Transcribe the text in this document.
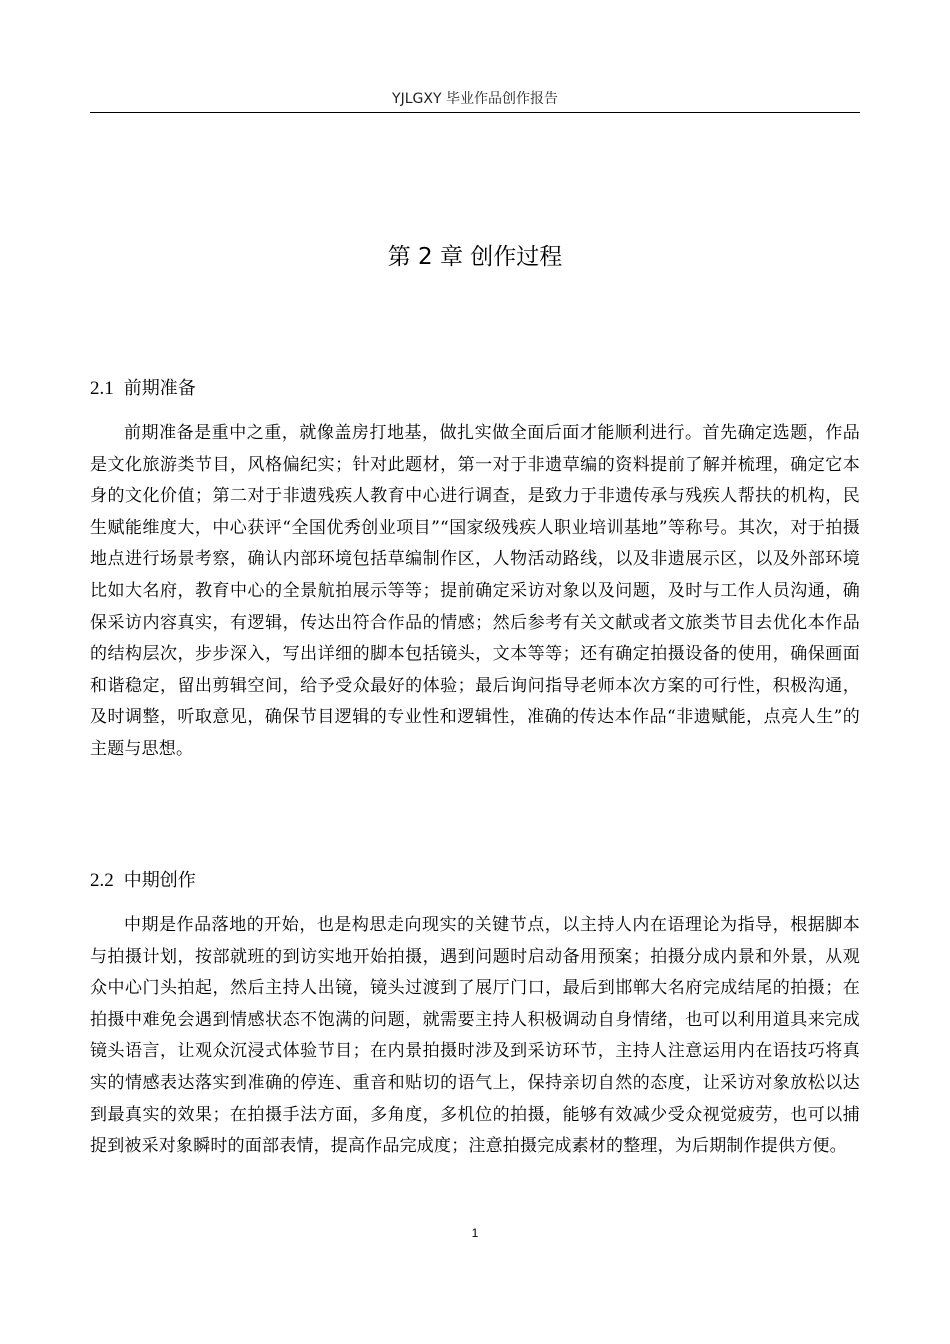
YJLGXY 毕业作品创作报告
第 2 章 创作过程
2.1 前期准备

前期准备是重中之重，就像盖房打地基，做扎实做全面后面才能顺利进行。首先确定选题，作品是文化旅游类节目，风格偏纪实；针对此题材，第一对于非遗草编的资料提前了解并梳理，确定它本身的文化价值；第二对于非遗残疾人教育中心进行调查，是致力于非遗传承与残疾人帮扶的机构，民生赋能维度大，中心获评“全国优秀创业项目”“国家级残疾人职业培训基地”等称号。其次，对于拍摄地点进行场景考察，确认内部环境包括草编制作区，人物活动路线，以及非遗展示区，以及外部环境比如大名府，教育中心的全景航拍展示等等；提前确定采访对象以及问题，及时与工作人员沟通，确保采访内容真实，有逻辑，传达出符合作品的情感；然后参考有关文献或者文旅类节目去优化本作品的结构层次，步步深入，写出详细的脚本包括镜头，文本等等；还有确定拍摄设备的使用，确保画面和谐稳定，留出剪辑空间，给予受众最好的体验；最后询问指导老师本次方案的可行性，积极沟通，及时调整，听取意见，确保节目逻辑的专业性和逻辑性，准确的传达本作品“非遗赋能，点亮人生”的主题与思想。

2.2 中期创作

中期是作品落地的开始，也是构思走向现实的关键节点，以主持人内在语理论为指导，根据脚本与拍摄计划，按部就班的到访实地开始拍摄，遇到问题时启动备用预案；拍摄分成内景和外景，从观众中心门头拍起，然后主持人出镜，镜头过渡到了展厅门口，最后到邯郸大名府完成结尾的拍摄；在拍摄中难免会遇到情感状态不饱满的问题，就需要主持人积极调动自身情绪，也可以利用道具来完成镜头语言，让观众沉浸式体验节目；在内景拍摄时涉及到采访环节，主持人注意运用内在语技巧将真实的情感表达落实到准确的停连、重音和贴切的语气上，保持亲切自然的态度，让采访对象放松以达到最真实的效果；在拍摄手法方面，多角度，多机位的拍摄，能够有效减少受众视觉疲劳，也可以捕捉到被采对象瞬时的面部表情，提高作品完成度；注意拍摄完成素材的整理，为后期制作提供方便。

1
